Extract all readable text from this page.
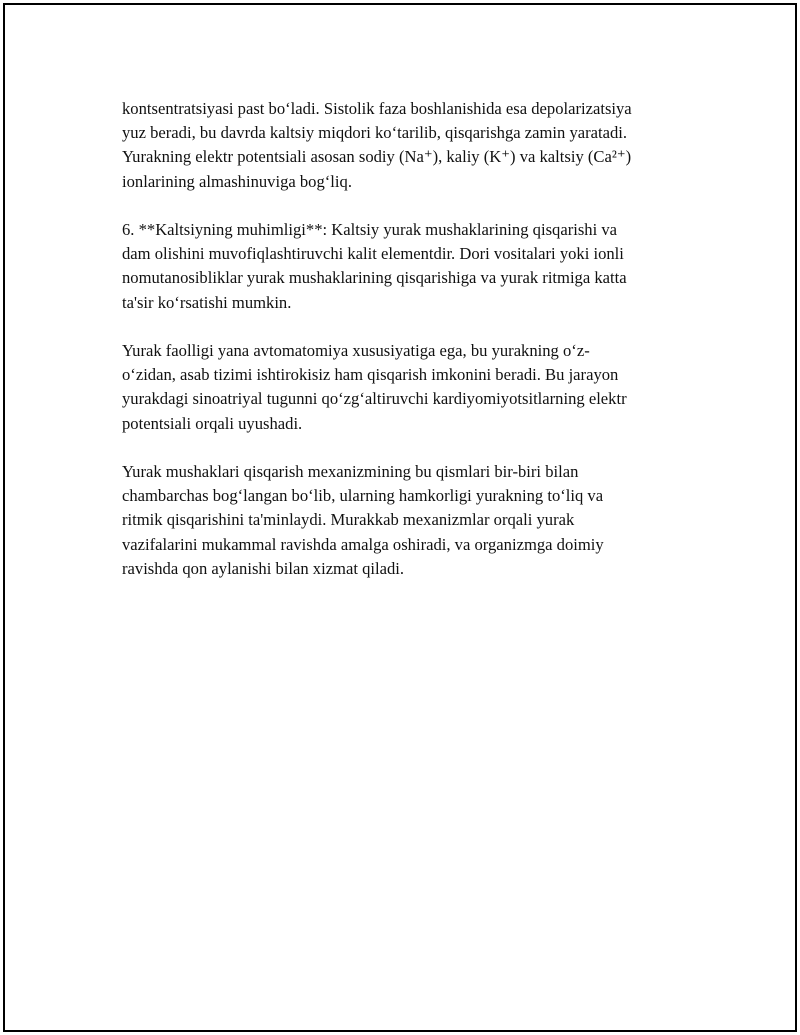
kontsentratsiyasi past bo‘ladi. Sistolik faza boshlanishida esa depolarizatsiya
yuz beradi, bu davrda kaltsiy miqdori ko‘tarilib, qisqarishga zamin yaratadi.
Yurakning elektr potentsiali asosan sodiy (Na⁺), kaliy (K⁺) va kaltsiy (Ca²⁺)
ionlarining almashinuviga bog‘liq.

6. **Kaltsiyning muhimligi**: Kaltsiy yurak mushaklarining qisqarishi va
dam olishini muvofiqlashtiruvchi kalit elementdir. Dori vositalari yoki ionli
nomutanosibliklar yurak mushaklarining qisqarishiga va yurak ritmiga katta
ta'sir ko‘rsatishi mumkin.

Yurak faolligi yana avtomatomiya xususiyatiga ega, bu yurakning o‘z-
o‘zidan, asab tizimi ishtirokisiz ham qisqarish imkonini beradi. Bu jarayon
yurakdagi sinoatriyal tugunni qo‘zg‘altiruvchi kardiyomiyotsitlarning elektr
potentsiali orqali uyushadi.

Yurak mushaklari qisqarish mexanizmining bu qismlari bir-biri bilan
chambarchas bog‘langan bo‘lib, ularning hamkorligi yurakning to‘liq va
ritmik qisqarishini ta'minlaydi. Murakkab mexanizmlar orqali yurak
vazifalarini mukammal ravishda amalga oshiradi, va organizmga doimiy
ravishda qon aylanishi bilan xizmat qiladi.
